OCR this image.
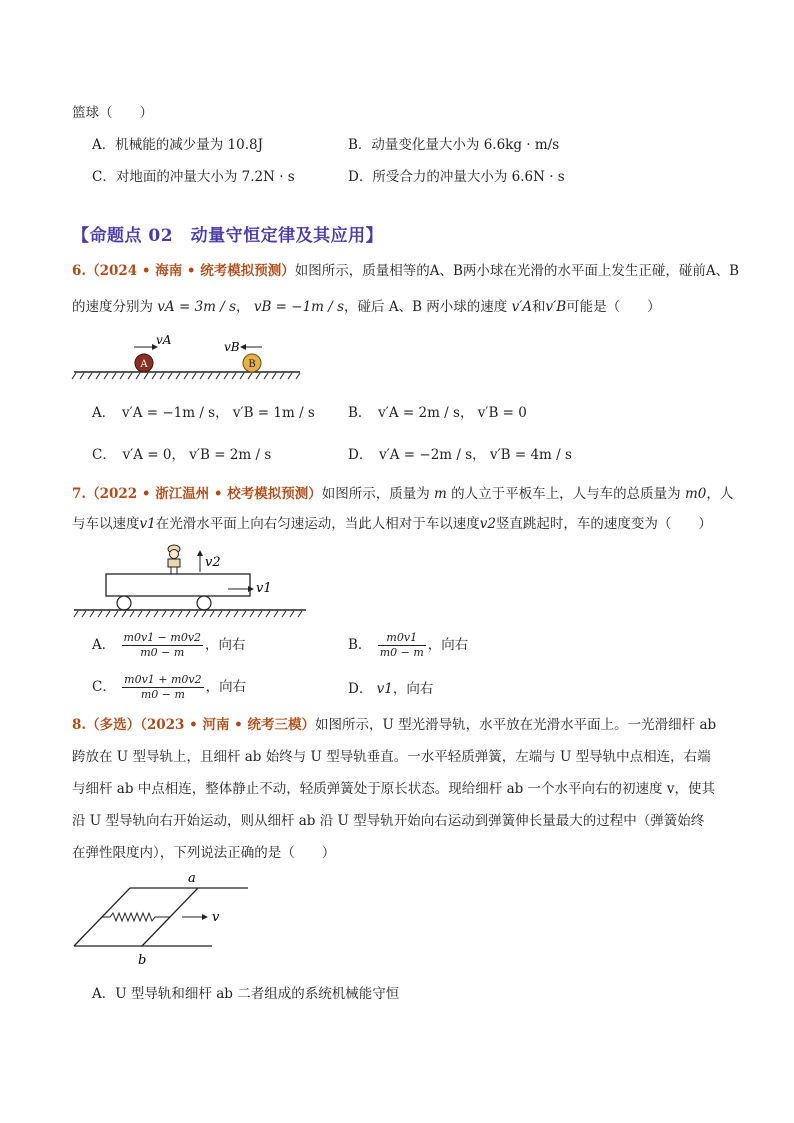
篮球（　　）
A．机械能的减少量为 10.8J	B．动量变化量大小为 6.6kg · m/s
C．对地面的冲量大小为 7.2N · s	D．所受合力的冲量大小为 6.6N · s
【命题点 02　动量守恒定律及其应用】
6.（2024 • 海南 • 统考模拟预测）如图所示，质量相等的A、B两小球在光滑的水平面上发生正碰，碰前A、B
的速度分别为 vA = 3m / s， vB = −1m / s，碰后 A、B 两小球的速度 v′A和v′B可能是（　　）
A	B
vA	vB
A．　v′A = −1m / s， v′B = 1m / s B．　v′A = 2m / s， v′B = 0
C．　v′A = 0， v′B = 2m / s	D．　v′A = −2m / s， v′B = 4m / s
7.（2022 • 浙江温州 • 校考模拟预测）如图所示，质量为 m 的人立于平板车上，人与车的总质量为 m0，人
与车以速度v1在光滑水平面上向右匀速运动，当此人相对于车以速度v2竖直跳起时，车的速度变为（　　）
v2
v1
A． $\frac{m0v1 - m0v2}{m0 - m}$ ，向右	B． $\frac{m0v1}{m0 - m}$ ，向右
C． $\frac{m0v1 + m0v2}{m0 - m}$ ，向右	D． v1，向右
8.（多选）（2023 • 河南 • 统考三模）如图所示，U 型光滑导轨，水平放在光滑水平面上。一光滑细杆 ab
跨放在 U 型导轨上，且细杆 ab 始终与 U 型导轨垂直。一水平轻质弹簧，左端与 U 型导轨中点相连，右端
与细杆 ab 中点相连，整体静止不动，轻质弹簧处于原长状态。现给细杆 ab 一个水平向右的初速度 v，使其
沿 U 型导轨向右开始运动，则从细杆 ab 沿 U 型导轨开始向右运动到弹簧伸长量最大的过程中（弹簧始终
在弹性限度内），下列说法正确的是（　　）
v
a
b
A．U 型导轨和细杆 ab 二者组成的系统机械能守恒
